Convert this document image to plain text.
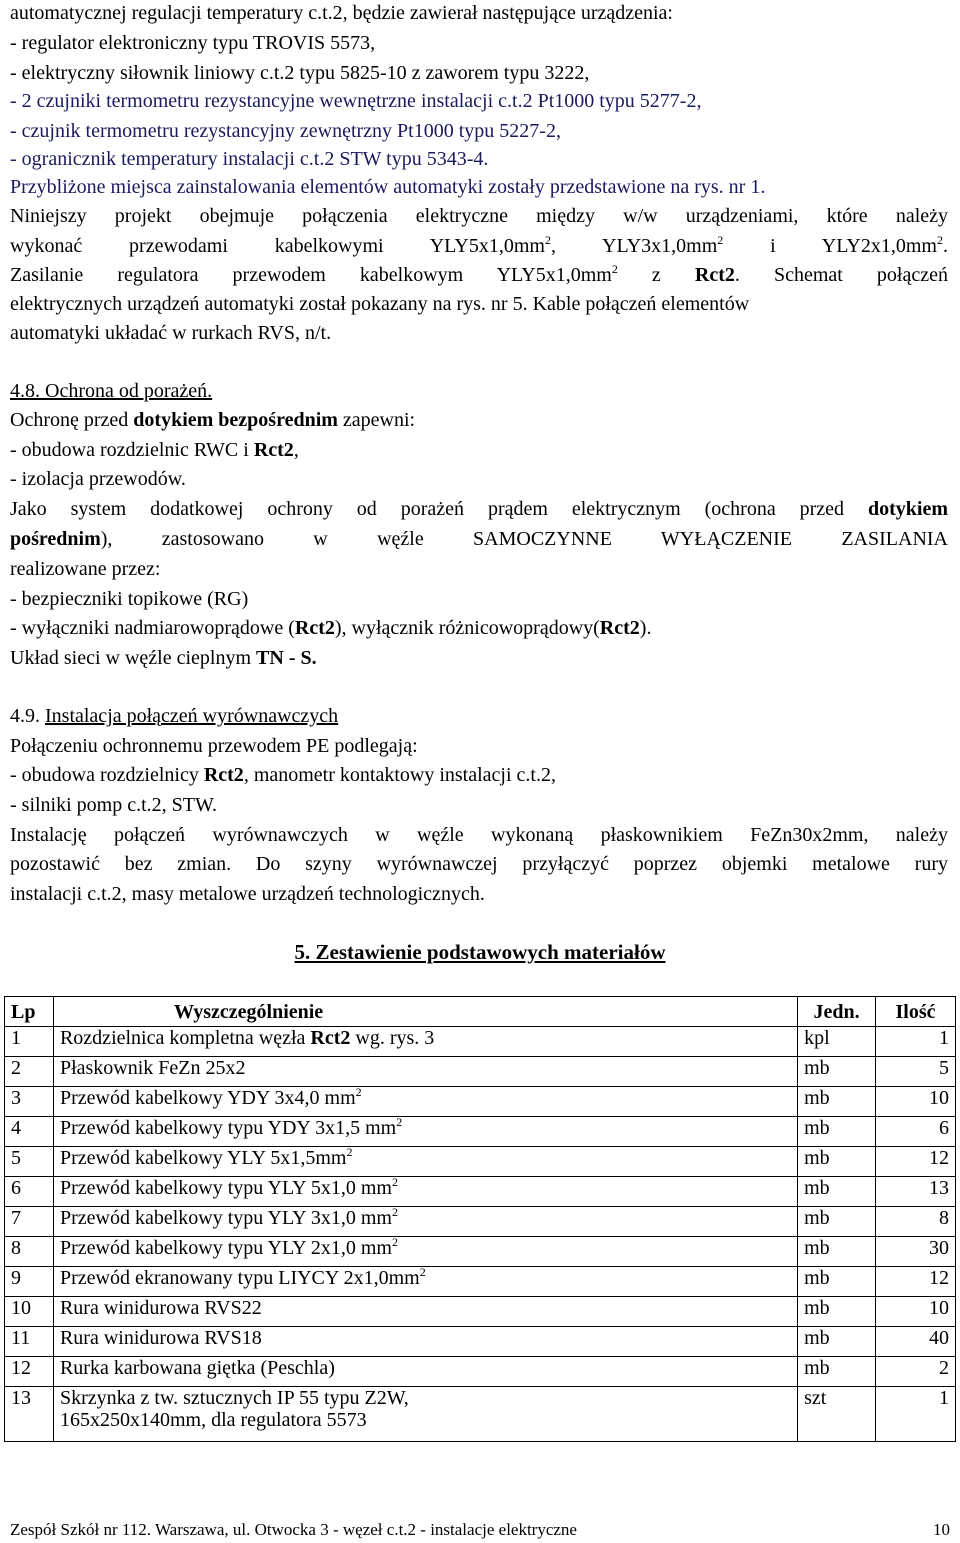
automatycznej regulacji temperatury c.t.2, będzie zawierał następujące urządzenia:
- regulator elektroniczny typu TROVIS 5573,
- elektryczny siłownik liniowy c.t.2 typu 5825-10 z zaworem typu 3222,
- 2 czujniki termometru rezystancyjne wewnętrzne instalacji c.t.2 Pt1000 typu 5277-2,
- czujnik termometru rezystancyjny zewnętrzny Pt1000 typu 5227-2,
- ogranicznik temperatury instalacji c.t.2 STW typu 5343-4.
Przybliżone miejsca zainstalowania elementów automatyki zostały przedstawione na rys. nr 1.
Niniejszy projekt obejmuje połączenia elektryczne między w/w urządzeniami, które należy
wykonać przewodami kabelkowymi $YLY5x1,0mm^2$, $YLY3x1,0mm^2$ i $YLY2x1,0mm^2$.
Zasilanie regulatora przewodem kabelkowym $YLY5x1,0mm^2$ z Rct2. Schemat połączeń
elektrycznych urządzeń automatyki został pokazany na rys. nr 5. Kable połączeń elementów
automatyki układać w rurkach RVS, n/t.
4.8. Ochrona od porażeń.
Ochronę przed dotykiem bezpośrednim zapewni:
- obudowa rozdzielnic RWC i Rct2,
- izolacja przewodów.
Jako system dodatkowej ochrony od porażeń prądem elektrycznym (ochrona przed dotykiem
pośrednim), zastosowano w węźle SAMOCZYNNE WYŁĄCZENIE ZASILANIA
realizowane przez:
- bezpieczniki topikowe (RG)
- wyłączniki nadmiarowoprądowe (Rct2), wyłącznik różnicowoprądowy(Rct2).
Układ sieci w węźle cieplnym TN - S.
4.9. Instalacja połączeń wyrównawczych
Połączeniu ochronnemu przewodem PE podlegają:
- obudowa rozdzielnicy Rct2, manometr kontaktowy instalacji c.t.2,
- silniki pomp c.t.2, STW.
Instalację połączeń wyrównawczych w węźle wykonaną płaskownikiem FeZn30x2mm, należy
pozostawić bez zmian. Do szyny wyrównawczej przyłączyć poprzez objemki metalowe rury
instalacji c.t.2, masy metalowe urządzeń technologicznych.
5. Zestawienie podstawowych materiałów
Lp	Wyszczególnienie	Jedn.	Ilość
1	Rozdzielnica kompletna węzła Rct2 wg. rys. 3	kpl	1
2	Płaskownik FeZn 25x2	mb	5
3	Przewód kabelkowy YDY 3x4,0 $mm^2$	mb	10
4	Przewód kabelkowy typu YDY 3x1,5 $mm^2$	mb	6
5	Przewód kabelkowy YLY $5x1,5mm^2$	mb	12
6	Przewód kabelkowy typu YLY 5x1,0 $mm^2$	mb	13
7	Przewód kabelkowy typu YLY 3x1,0 $mm^2$	mb	8
8	Przewód kabelkowy typu YLY 2x1,0 $mm^2$	mb	30
9	Przewód ekranowany typu LIYCY $2x1,0mm^2$	mb	12
10	Rura winidurowa RVS22	mb	10
11	Rura winidurowa RVS18	mb	40
12	Rurka karbowana giętka (Peschla)	mb	2
13	Skrzynka z tw. sztucznych IP 55 typu Z2W,
165x250x140mm, dla regulatora 5573	szt	1
Zespół Szkół nr 112. Warszawa, ul. Otwocka 3 - węzeł c.t.2 - instalacje elektryczne	10
